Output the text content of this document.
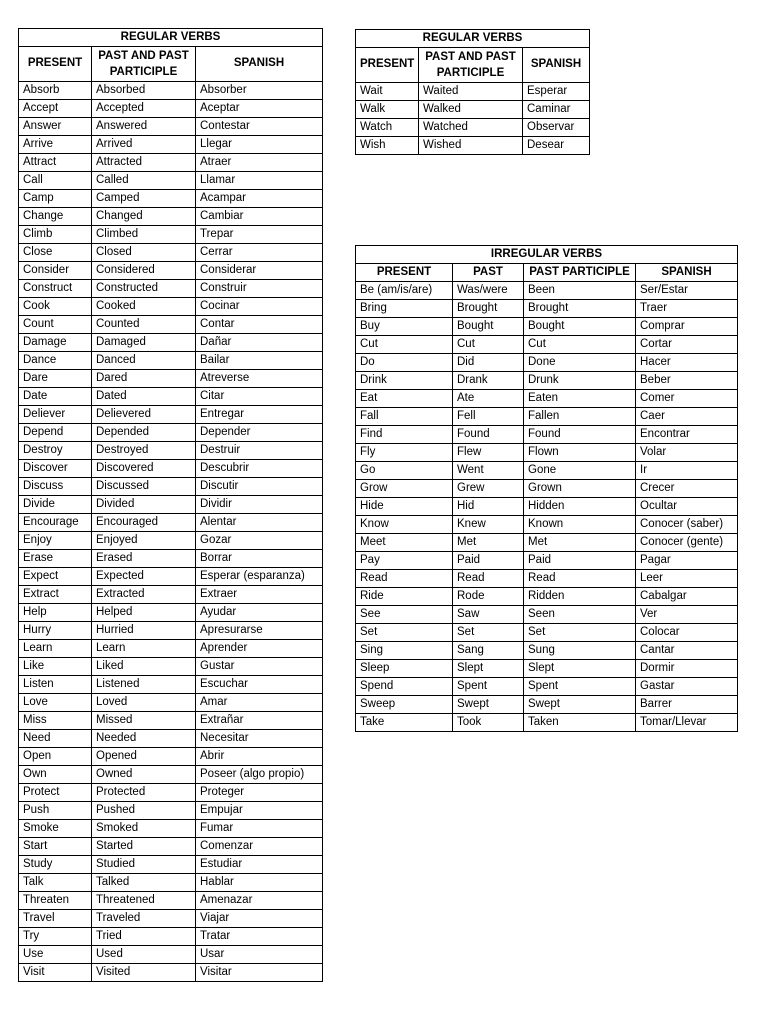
REGULAR VERBS		
PRESENT	PAST AND PAST PARTICIPLE	SPANISH
Absorb	Absorbed	Absorber
Accept	Accepted	Aceptar
Answer	Answered	Contestar
Arrive	Arrived	Llegar
Attract	Attracted	Atraer
Call	Called	Llamar
Camp	Camped	Acampar
Change	Changed	Cambiar
Climb	Climbed	Trepar
Close	Closed	Cerrar
Consider	Considered	Considerar
Construct	Constructed	Construir
Cook	Cooked	Cocinar
Count	Counted	Contar
Damage	Damaged	Dañar
Dance	Danced	Bailar
Dare	Dared	Atreverse
Date	Dated	Citar
Deliever	Delievered	Entregar
Depend	Depended	Depender
Destroy	Destroyed	Destruir
Discover	Discovered	Descubrir
Discuss	Discussed	Discutir
Divide	Divided	Dividir
Encourage	Encouraged	Alentar
Enjoy	Enjoyed	Gozar
Erase	Erased	Borrar
Expect	Expected	Esperar (esparanza)
Extract	Extracted	Extraer
Help	Helped	Ayudar
Hurry	Hurried	Apresurarse
Learn	Learn	Aprender
Like	Liked	Gustar
Listen	Listened	Escuchar
Love	Loved	Amar
Miss	Missed	Extrañar
Need	Needed	Necesitar
Open	Opened	Abrir
Own	Owned	Poseer (algo propio)
Protect	Protected	Proteger
Push	Pushed	Empujar
Smoke	Smoked	Fumar
Start	Started	Comenzar
Study	Studied	Estudiar
Talk	Talked	Hablar
Threaten	Threatened	Amenazar
Travel	Traveled	Viajar
Try	Tried	Tratar
Use	Used	Usar
Visit	Visited	Visitar
REGULAR VERBS		
PRESENT	PAST AND PAST PARTICIPLE	SPANISH
Wait	Waited	Esperar
Walk	Walked	Caminar
Watch	Watched	Observar
Wish	Wished	Desear
IRREGULAR VERBS			
PRESENT	PAST	PAST PARTICIPLE	SPANISH
Be (am/is/are)	Was/were	Been	Ser/Estar
Bring	Brought	Brought	Traer
Buy	Bought	Bought	Comprar
Cut	Cut	Cut	Cortar
Do	Did	Done	Hacer
Drink	Drank	Drunk	Beber
Eat	Ate	Eaten	Comer
Fall	Fell	Fallen	Caer
Find	Found	Found	Encontrar
Fly	Flew	Flown	Volar
Go	Went	Gone	Ir
Grow	Grew	Grown	Crecer
Hide	Hid	Hidden	Ocultar
Know	Knew	Known	Conocer (saber)
Meet	Met	Met	Conocer (gente)
Pay	Paid	Paid	Pagar
Read	Read	Read	Leer
Ride	Rode	Ridden	Cabalgar
See	Saw	Seen	Ver
Set	Set	Set	Colocar
Sing	Sang	Sung	Cantar
Sleep	Slept	Slept	Dormir
Spend	Spent	Spent	Gastar
Sweep	Swept	Swept	Barrer
Take	Took	Taken	Tomar/Llevar
